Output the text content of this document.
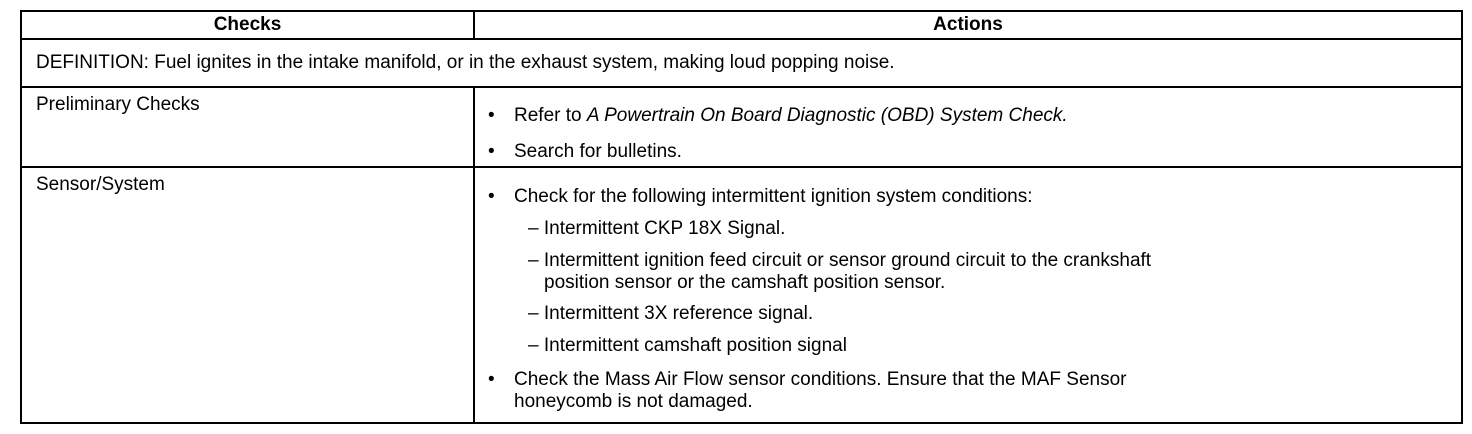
Checks	Actions
DEFINITION: Fuel ignites in the intake manifold, or in the exhaust system, making loud popping noise.
Preliminary Checks
• Refer to A Powertrain On Board Diagnostic (OBD) System Check.
• Search for bulletins.
Sensor/System
• Check for the following intermittent ignition system conditions:
– Intermittent CKP 18X Signal.
– Intermittent ignition feed circuit or sensor ground circuit to the crankshaft
position sensor or the camshaft position sensor.
– Intermittent 3X reference signal.
– Intermittent camshaft position signal
• Check the Mass Air Flow sensor conditions. Ensure that the MAF Sensor
honeycomb is not damaged.
